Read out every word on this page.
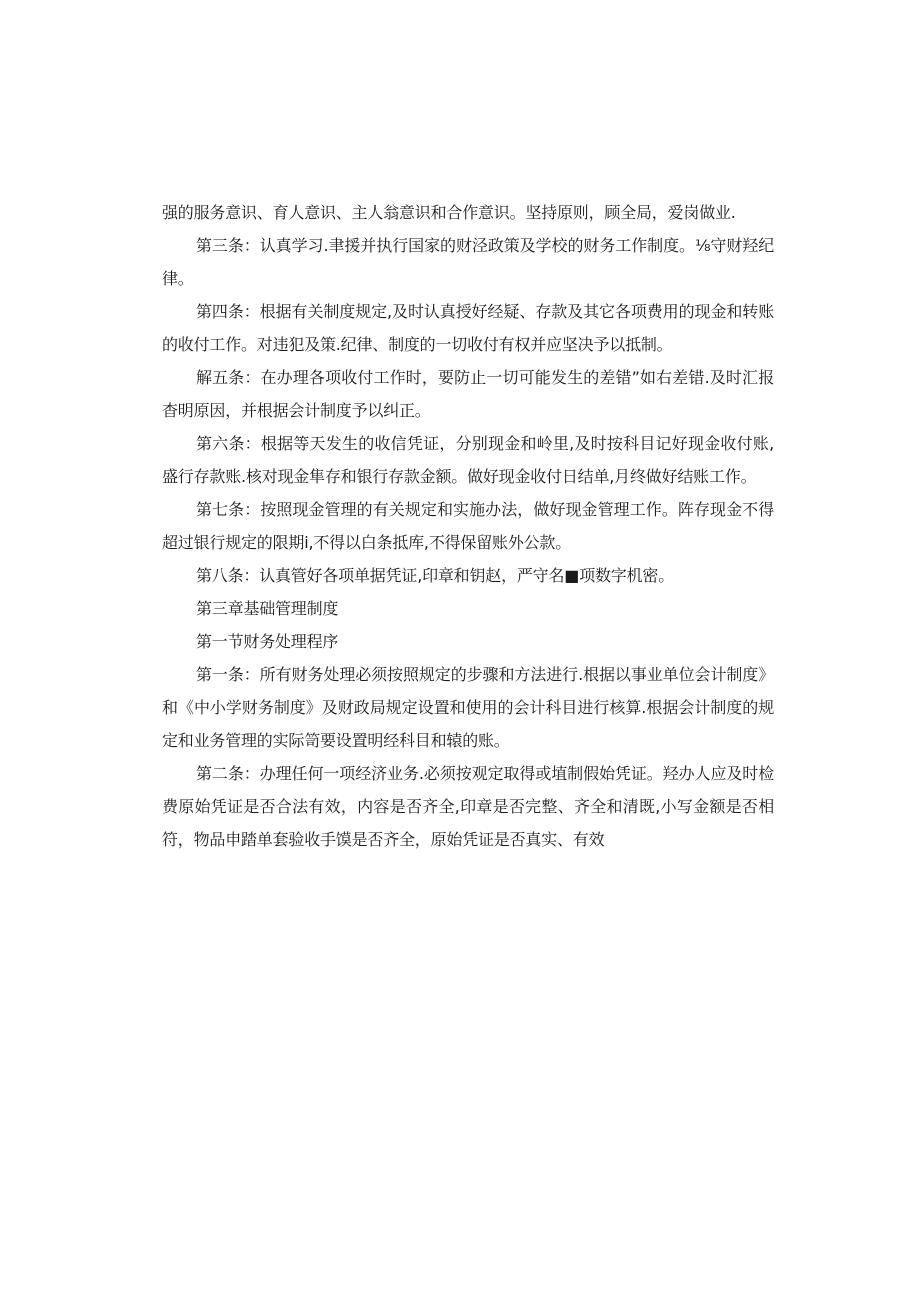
强的服务意识、育人意识、主人翁意识和合作意识。坚持原则，顾全局，爱岗做业.

第三条：认真学习.聿援并执行国家的财泾政策及学校的财务工作制度。⅛守财羟纪律。

第四条：根据有关制度规定,及时认真授好经疑、存款及其它各项费用的现金和转账的收付工作。对违犯及策.纪律、制度的一切收付有权并应坚决予以抵制。

解五条：在办理各项收付工作时，要防止一切可能发生的差错”如右差错.及时汇报杳明原因，并根据会计制度予以纠正。

第六条：根据等天发生的收信凭证，分别现金和岭里,及时按科目记好现金收付账,盛行存款账.核对现金隼存和银行存款金额。做好现金收付日结单,月终做好结账工作。

第七条：按照现金管理的有关规定和实施办法，做好现金管理工作。阵存现金不得超过银行规定的限期i,不得以白条抵库,不得保留账外公款。

第八条：认真管好各项单据凭证,印章和钥赵，严守名■项数字机密。

第三章基础管理制度

第一节财务处理程序

第一条：所有财务处理必须按照规定的步骤和方法进行.根据以事业单位会计制度》和《中小学财务制度》及财政局规定设置和使用的会计科目进行核算.根据会计制度的规定和业务管理的实际笥要设置明经科目和辕的账。

第二条：办理任何一项经济业务.必须按观定取得或埴制假始凭证。羟办人应及时检费原始凭证是否合法有效，内容是否齐全,印章是否完整、齐全和清既,小写金额是否相符，物品申踏单套验收手馍是否齐全，原始凭证是否真实、有效
